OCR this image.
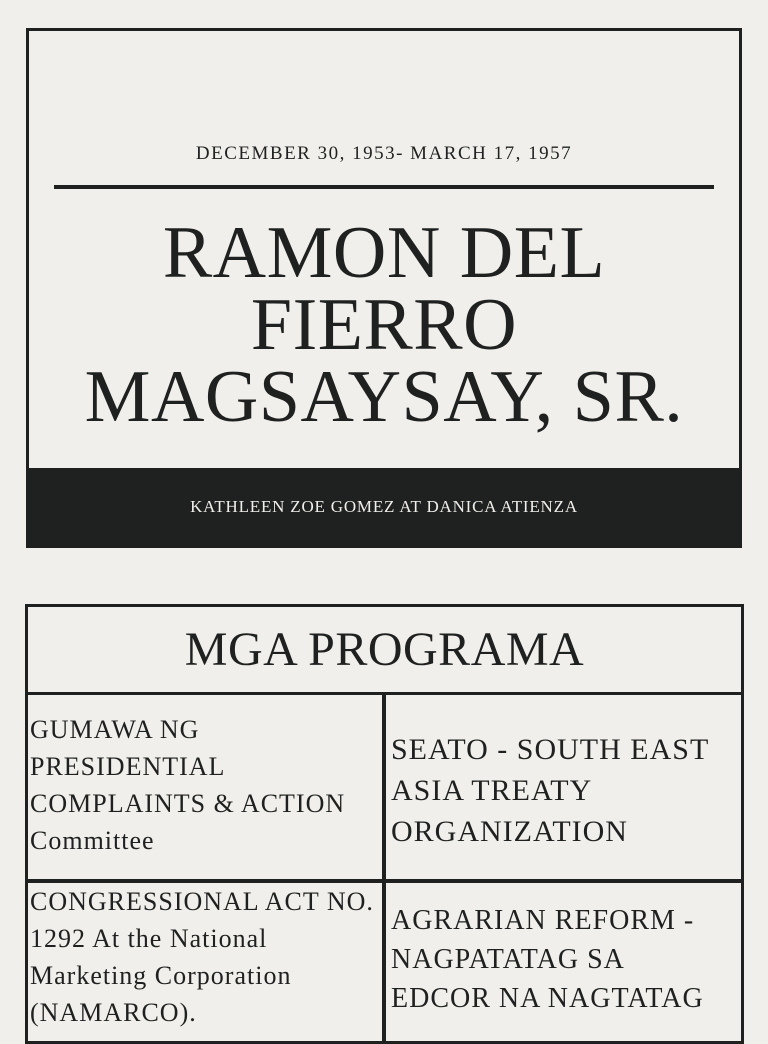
DECEMBER 30, 1953- MARCH 17, 1957
RAMON DEL FIERRO MAGSAYSAY, SR.
KATHLEEN ZOE GOMEZ AT DANICA ATIENZA
MGA PROGRAMA
GUMAWA NG PRESIDENTIAL COMPLAINTS & ACTION Committee
SEATO - SOUTH EAST ASIA TREATY ORGANIZATION
CONGRESSIONAL ACT NO. 1292 At the National Marketing Corporation (NAMARCO).
AGRARIAN REFORM -NAGPATATAG SA EDCOR NA NAGTATAG
